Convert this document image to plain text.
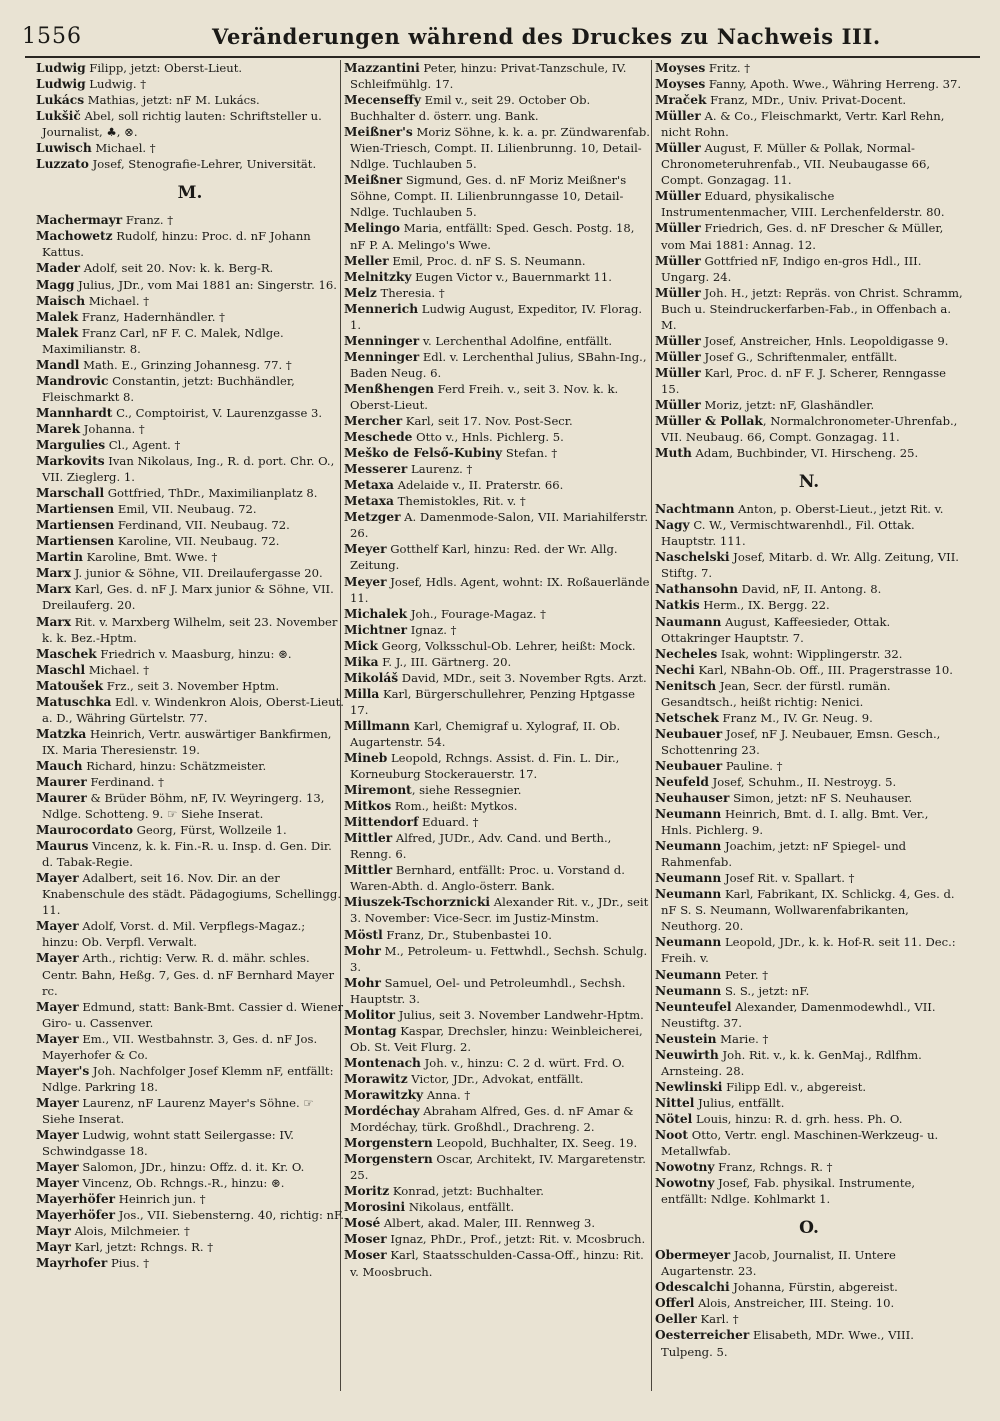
1556	Veränderungen während des Druckes zu Nachweis III.
Ludwig Filipp, jetzt: Oberst-Lieut.
Ludwig Ludwig. †
Lukács Mathias, jetzt: nF M. Lukács.
Lukšič Abel, soll richtig lauten: Schriftsteller u. Journalist, ♣, ⊗.
Luwisch Michael. †
Luzzato Josef, Stenografie-Lehrer, Universität.
M.
Machermayr Franz. †
Machowetz Rudolf, hinzu: Proc. d. nF Johann Kattus.
Mader Adolf, seit 20. Nov: k. k. Berg-R.
Magg Julius, JDr., vom Mai 1881 an: Singerstr. 16.
Maisch Michael. †
Malek Franz, Hadernhändler. †
Malek Franz Carl, nF F. C. Malek, Ndlge. Maximilianstr. 8.
Mandl Math. E., Grinzing Johannesg. 77. †
Mandrovic Constantin, jetzt: Buchhändler, Fleischmarkt 8.
Mannhardt C., Comptoirist, V. Laurenzgasse 3.
Marek Johanna. †
Margulies Cl., Agent. †
Markovits Ivan Nikolaus, Ing., R. d. port. Chr. O., VII. Zieglerg. 1.
Marschall Gottfried, ThDr., Maximilianplatz 8.
Martiensen Emil, VII. Neubaug. 72.
Martiensen Ferdinand, VII. Neubaug. 72.
Martiensen Karoline, VII. Neubaug. 72.
Martin Karoline, Bmt. Wwe. †
Marx J. junior & Söhne, VII. Dreilaufergasse 20.
Marx Karl, Ges. d. nF J. Marx junior & Söhne, VII. Dreilauferg. 20.
Marx Rit. v. Marxberg Wilhelm, seit 23. November k. k. Bez.-Hptm.
Maschek Friedrich v. Maasburg, hinzu: ⊛.
Maschl Michael. †
Matoušek Frz., seit 3. November Hptm.
Matuschka Edl. v. Windenkron Alois, Oberst-Lieut. a. D., Währing Gürtelstr. 77.
Matzka Heinrich, Vertr. auswärtiger Bankfirmen, IX. Maria Theresienstr. 19.
Mauch Richard, hinzu: Schätzmeister.
Maurer Ferdinand. †
Maurer & Brüder Böhm, nF, IV. Weyringerg. 13, Ndlge. Schotteng. 9. ☞ Siehe Inserat.
Maurocordato Georg, Fürst, Wollzeile 1.
Maurus Vincenz, k. k. Fin.-R. u. Insp. d. Gen. Dir. d. Tabak-Regie.
Mayer Adalbert, seit 16. Nov. Dir. an der Knabenschule des städt. Pädagogiums, Schellingg. 11.
Mayer Adolf, Vorst. d. Mil. Verpflegs-Magaz.; hinzu: Ob. Verpfl. Verwalt.
Mayer Arth., richtig: Verw. R. d. mähr. schles. Centr. Bahn, Heßg. 7, Ges. d. nF Bernhard Mayer rc.
Mayer Edmund, statt: Bank-Bmt. Cassier d. Wiener Giro- u. Cassenver.
Mayer Em., VII. Westbahnstr. 3, Ges. d. nF Jos. Mayerhofer & Co.
Mayer's Joh. Nachfolger Josef Klemm nF, entfällt: Ndlge. Parkring 18.
Mayer Laurenz, nF Laurenz Mayer's Söhne. ☞ Siehe Inserat.
Mayer Ludwig, wohnt statt Seilergasse: IV. Schwindgasse 18.
Mayer Salomon, JDr., hinzu: Offz. d. it. Kr. O.
Mayer Vincenz, Ob. Rchngs.-R., hinzu: ⊛.
Mayerhöfer Heinrich jun. †
Mayerhöfer Jos., VII. Siebensterng. 40, richtig: nF.
Mayr Alois, Milchmeier. †
Mayr Karl, jetzt: Rchngs. R. †
Mayrhofer Pius. †
Mazzantini Peter, hinzu: Privat-Tanzschule, IV. Schleifmühlg. 17.
Mecenseffy Emil v., seit 29. October Ob. Buchhalter d. österr. ung. Bank.
Meißner's Moriz Söhne, k. k. a. pr. Zündwarenfab. Wien-Triesch, Compt. II. Lilienbrunng. 10, Detail-Ndlge. Tuchlauben 5.
Meißner Sigmund, Ges. d. nF Moriz Meißner's Söhne, Compt. II. Lilienbrunngasse 10, Detail-Ndlge. Tuchlauben 5.
Melingo Maria, entfällt: Sped. Gesch. Postg. 18, nF P. A. Melingo's Wwe.
Meller Emil, Proc. d. nF S. S. Neumann.
Melnitzky Eugen Victor v., Bauernmarkt 11.
Melz Theresia. †
Mennerich Ludwig August, Expeditor, IV. Florag. 1.
Menninger v. Lerchenthal Adolfine, entfällt.
Menninger Edl. v. Lerchenthal Julius, SBahn-Ing., Baden Neug. 6.
Menßhengen Ferd Freih. v., seit 3. Nov. k. k. Oberst-Lieut.
Mercher Karl, seit 17. Nov. Post-Secr.
Meschede Otto v., Hnls. Pichlerg. 5.
Meško de Felső-Kubiny Stefan. †
Messerer Laurenz. †
Metaxa Adelaide v., II. Praterstr. 66.
Metaxa Themistokles, Rit. v. †
Metzger A. Damenmode-Salon, VII. Mariahilferstr. 26.
Meyer Gotthelf Karl, hinzu: Red. der Wr. Allg. Zeitung.
Meyer Josef, Hdls. Agent, wohnt: IX. Roßauerlände 11.
Michalek Joh., Fourage-Magaz. †
Michtner Ignaz. †
Mick Georg, Volksschul-Ob. Lehrer, heißt: Mock.
Mika F. J., III. Gärtnerg. 20.
Mikoláš David, MDr., seit 3. November Rgts. Arzt.
Milla Karl, Bürgerschullehrer, Penzing Hptgasse 17.
Millmann Karl, Chemigraf u. Xylograf, II. Ob. Augartenstr. 54.
Mineb Leopold, Rchngs. Assist. d. Fin. L. Dir., Korneuburg Stockerauerstr. 17.
Miremont, siehe Ressegnier.
Mitkos Rom., heißt: Mytkos.
Mittendorf Eduard. †
Mittler Alfred, JUDr., Adv. Cand. und Berth., Renng. 6.
Mittler Bernhard, entfällt: Proc. u. Vorstand d. Waren-Abth. d. Anglo-österr. Bank.
Miuszek-Tschorznicki Alexander Rit. v., JDr., seit 3. November: Vice-Secr. im Justiz-Minstm.
Möstl Franz, Dr., Stubenbastei 10.
Mohr M., Petroleum- u. Fettwhdl., Sechsh. Schulg. 3.
Mohr Samuel, Oel- und Petroleumhdl., Sechsh. Hauptstr. 3.
Molitor Julius, seit 3. November Landwehr-Hptm.
Montag Kaspar, Drechsler, hinzu: Weinbleicherei, Ob. St. Veit Flurg. 2.
Montenach Joh. v., hinzu: C. 2 d. würt. Frd. O.
Morawitz Victor, JDr., Advokat, entfällt.
Morawitzky Anna. †
Mordéchay Abraham Alfred, Ges. d. nF Amar & Mordéchay, türk. Großhdl., Drachreng. 2.
Morgenstern Leopold, Buchhalter, IX. Seeg. 19.
Morgenstern Oscar, Architekt, IV. Margaretenstr. 25.
Moritz Konrad, jetzt: Buchhalter.
Morosini Nikolaus, entfällt.
Mosé Albert, akad. Maler, III. Rennweg 3.
Moser Ignaz, PhDr., Prof., jetzt: Rit. v. Mcosbruch.
Moser Karl, Staatsschulden-Cassa-Off., hinzu: Rit. v. Moosbruch.
Moyses Fritz. †
Moyses Fanny, Apoth. Wwe., Währing Herreng. 37.
Mraček Franz, MDr., Univ. Privat-Docent.
Müller A. & Co., Fleischmarkt, Vertr. Karl Rehn, nicht Rohn.
Müller August, F. Müller & Pollak, Normal-Chronometeruhrenfab., VII. Neubaugasse 66, Compt. Gonzagag. 11.
Müller Eduard, physikalische Instrumentenmacher, VIII. Lerchenfelderstr. 80.
Müller Friedrich, Ges. d. nF Drescher & Müller, vom Mai 1881: Annag. 12.
Müller Gottfried nF, Indigo en-gros Hdl., III. Ungarg. 24.
Müller Joh. H., jetzt: Repräs. von Christ. Schramm, Buch u. Steindruckerfarben-Fab., in Offenbach a. M.
Müller Josef, Anstreicher, Hnls. Leopoldigasse 9.
Müller Josef G., Schriftenmaler, entfällt.
Müller Karl, Proc. d. nF F. J. Scherer, Renngasse 15.
Müller Moriz, jetzt: nF, Glashändler.
Müller & Pollak, Normalchronometer-Uhrenfab., VII. Neubaug. 66, Compt. Gonzagag. 11.
Muth Adam, Buchbinder, VI. Hirscheng. 25.
N.
Nachtmann Anton, p. Oberst-Lieut., jetzt Rit. v.
Nagy C. W., Vermischtwarenhdl., Fil. Ottak. Hauptstr. 111.
Naschelski Josef, Mitarb. d. Wr. Allg. Zeitung, VII. Stiftg. 7.
Nathansohn David, nF, II. Antong. 8.
Natkis Herm., IX. Bergg. 22.
Naumann August, Kaffeesieder, Ottak. Ottakringer Hauptstr. 7.
Necheles Isak, wohnt: Wipplingerstr. 32.
Nechi Karl, NBahn-Ob. Off., III. Pragerstrasse 10.
Nenitsch Jean, Secr. der fürstl. rumän. Gesandtsch., heißt richtig: Nenici.
Netschek Franz M., IV. Gr. Neug. 9.
Neubauer Josef, nF J. Neubauer, Emsn. Gesch., Schottenring 23.
Neubauer Pauline. †
Neufeld Josef, Schuhm., II. Nestroyg. 5.
Neuhauser Simon, jetzt: nF S. Neuhauser.
Neumann Heinrich, Bmt. d. I. allg. Bmt. Ver., Hnls. Pichlerg. 9.
Neumann Joachim, jetzt: nF Spiegel- und Rahmenfab.
Neumann Josef Rit. v. Spallart. †
Neumann Karl, Fabrikant, IX. Schlickg. 4, Ges. d. nF S. S. Neumann, Wollwarenfabrikanten, Neuthorg. 20.
Neumann Leopold, JDr., k. k. Hof-R. seit 11. Dec.: Freih. v.
Neumann Peter. †
Neumann S. S., jetzt: nF.
Neunteufel Alexander, Damenmodewhdl., VII. Neustiftg. 37.
Neustein Marie. †
Neuwirth Joh. Rit. v., k. k. GenMaj., Rdlfhm. Arnsteing. 28.
Newlinski Filipp Edl. v., abgereist.
Nittel Julius, entfällt.
Nötel Louis, hinzu: R. d. grh. hess. Ph. O.
Noot Otto, Vertr. engl. Maschinen-Werkzeug- u. Metallwfab.
Nowotny Franz, Rchngs. R. †
Nowotny Josef, Fab. physikal. Instrumente, entfällt: Ndlge. Kohlmarkt 1.
O.
Obermeyer Jacob, Journalist, II. Untere Augartenstr. 23.
Odescalchi Johanna, Fürstin, abgereist.
Offerl Alois, Anstreicher, III. Steing. 10.
Oeller Karl. †
Oesterreicher Elisabeth, MDr. Wwe., VIII. Tulpeng. 5.
